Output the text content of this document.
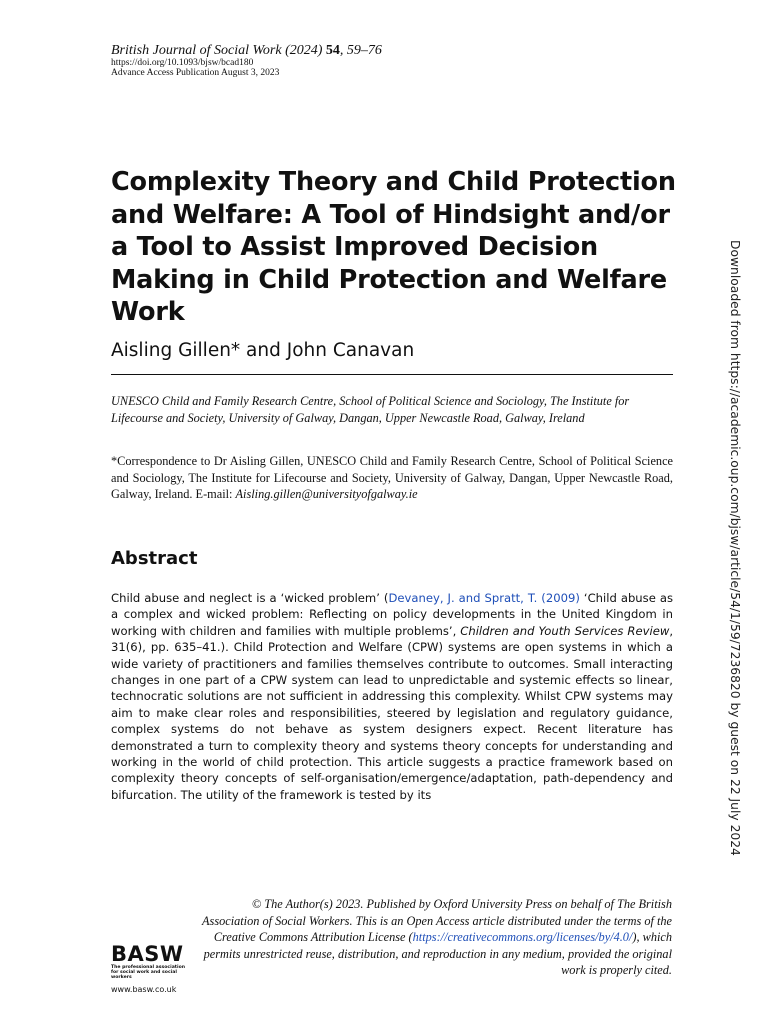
British Journal of Social Work (2024) 54, 59–76
https://doi.org/10.1093/bjsw/bcad180
Advance Access Publication August 3, 2023
Complexity Theory and Child Protection and Welfare: A Tool of Hindsight and/or a Tool to Assist Improved Decision Making in Child Protection and Welfare Work
Aisling Gillen* and John Canavan
UNESCO Child and Family Research Centre, School of Political Science and Sociology, The Institute for Lifecourse and Society, University of Galway, Dangan, Upper Newcastle Road, Galway, Ireland
*Correspondence to Dr Aisling Gillen, UNESCO Child and Family Research Centre, School of Political Science and Sociology, The Institute for Lifecourse and Society, University of Galway, Dangan, Upper Newcastle Road, Galway, Ireland. E-mail: Aisling.gillen@universityofgalway.ie
Abstract

Child abuse and neglect is a ‘wicked problem’ (Devaney, J. and Spratt, T. (2009) ‘Child abuse as a complex and wicked problem: Reflecting on policy developments in the United Kingdom in working with children and families with multiple problems’, Children and Youth Services Review, 31(6), pp. 635–41.). Child Protection and Welfare (CPW) systems are open systems in which a wide variety of practitioners and families themselves contribute to outcomes. Small interacting changes in one part of a CPW system can lead to unpredictable and systemic effects so linear, technocratic solutions are not sufficient in addressing this complexity. Whilst CPW systems may aim to make clear roles and responsibilities, steered by legislation and regulatory guidance, complex systems do not behave as system designers expect. Recent literature has demonstrated a turn to complexity theory and systems theory concepts for understanding and working in the world of child protection. This article suggests a practice framework based on complexity theory concepts of self-organisation/emergence/adaptation, path-dependency and bifurcation. The utility of the framework is tested by its	Downloaded from https://academic.oup.com/bjsw/article/54/1/59/7236820 by guest on 22 July 2024
BASW
The professional association for social work and social workers
www.basw.co.uk
© The Author(s) 2023. Published by Oxford University Press on behalf of The British Association of Social Workers. This is an Open Access article distributed under the terms of the Creative Commons Attribution License (https://creativecommons.org/licenses/by/4.0/), which permits unrestricted reuse, distribution, and reproduction in any medium, provided the original work is properly cited.
